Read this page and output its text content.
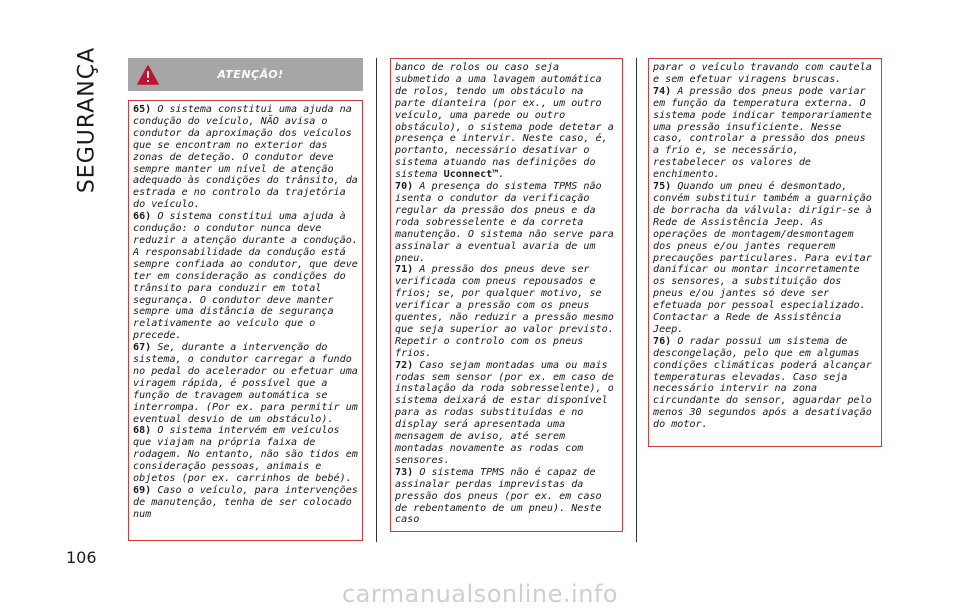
SEGURANÇA
106
ATENÇÃO!

65) O sistema constitui uma ajuda na condução do veículo, NÃO avisa o condutor da aproximação dos veículos que se encontram no exterior das zonas de deteção. O condutor deve sempre manter um nível de atenção adequado às condições do trânsito, da estrada e no controlo da trajetória do veículo.

66) O sistema constitui uma ajuda à condução: o condutor nunca deve reduzir a atenção durante a condução. A responsabilidade da condução está sempre confiada ao condutor, que deve ter em consideração as condições do trânsito para conduzir em total segurança. O condutor deve manter sempre uma distância de segurança relativamente ao veículo que o precede.

67) Se, durante a intervenção do sistema, o condutor carregar a fundo no pedal do acelerador ou efetuar uma viragem rápida, é possível que a função de travagem automática se interrompa. (Por ex. para permitir um eventual desvio de um obstáculo).

68) O sistema intervém em veículos que viajam na própria faixa de rodagem. No entanto, não são tidos em consideração pessoas, animais e objetos (por ex. carrinhos de bebé).

69) Caso o veículo, para intervenções de manutenção, tenha de ser colocado num

banco de rolos ou caso seja submetido a uma lavagem automática de rolos, tendo um obstáculo na parte dianteira (por ex., um outro veículo, uma parede ou outro obstáculo), o sistema pode detetar a presença e intervir. Neste caso, é, portanto, necessário desativar o sistema atuando nas definições do sistema Uconnect™.

70) A presença do sistema TPMS não isenta o condutor da verificação regular da pressão dos pneus e da roda sobresselente e da correta manutenção. O sistema não serve para assinalar a eventual avaria de um pneu.

71) A pressão dos pneus deve ser verificada com pneus repousados e frios; se, por qualquer motivo, se verificar a pressão com os pneus quentes, não reduzir a pressão mesmo que seja superior ao valor previsto. Repetir o controlo com os pneus frios.

72) Caso sejam montadas uma ou mais rodas sem sensor (por ex. em caso de instalação da roda sobresselente), o sistema deixará de estar disponível para as rodas substituídas e no display será apresentada uma mensagem de aviso, até serem montadas novamente as rodas com sensores.

73) O sistema TPMS não é capaz de assinalar perdas imprevistas da pressão dos pneus (por ex. em caso de rebentamento de um pneu). Neste caso

parar o veículo travando com cautela e sem efetuar viragens bruscas.

74) A pressão dos pneus pode variar em função da temperatura externa. O sistema pode indicar temporariamente uma pressão insuficiente. Nesse caso, controlar a pressão dos pneus a frio e, se necessário, restabelecer os valores de enchimento.

75) Quando um pneu é desmontado, convém substituir também a guarnição de borracha da válvula: dirigir-se à Rede de Assistência Jeep. As operações de montagem/desmontagem dos pneus e/ou jantes requerem precauções particulares. Para evitar danificar ou montar incorretamente os sensores, a substituição dos pneus e/ou jantes só deve ser efetuada por pessoal especializado. Contactar a Rede de Assistência Jeep.

76) O radar possui um sistema de descongelação, pelo que em algumas condições climáticas poderá alcançar temperaturas elevadas. Caso seja necessário intervir na zona circundante do sensor, aguardar pelo menos 30 segundos após a desativação do motor.

carmanualsonline.info
